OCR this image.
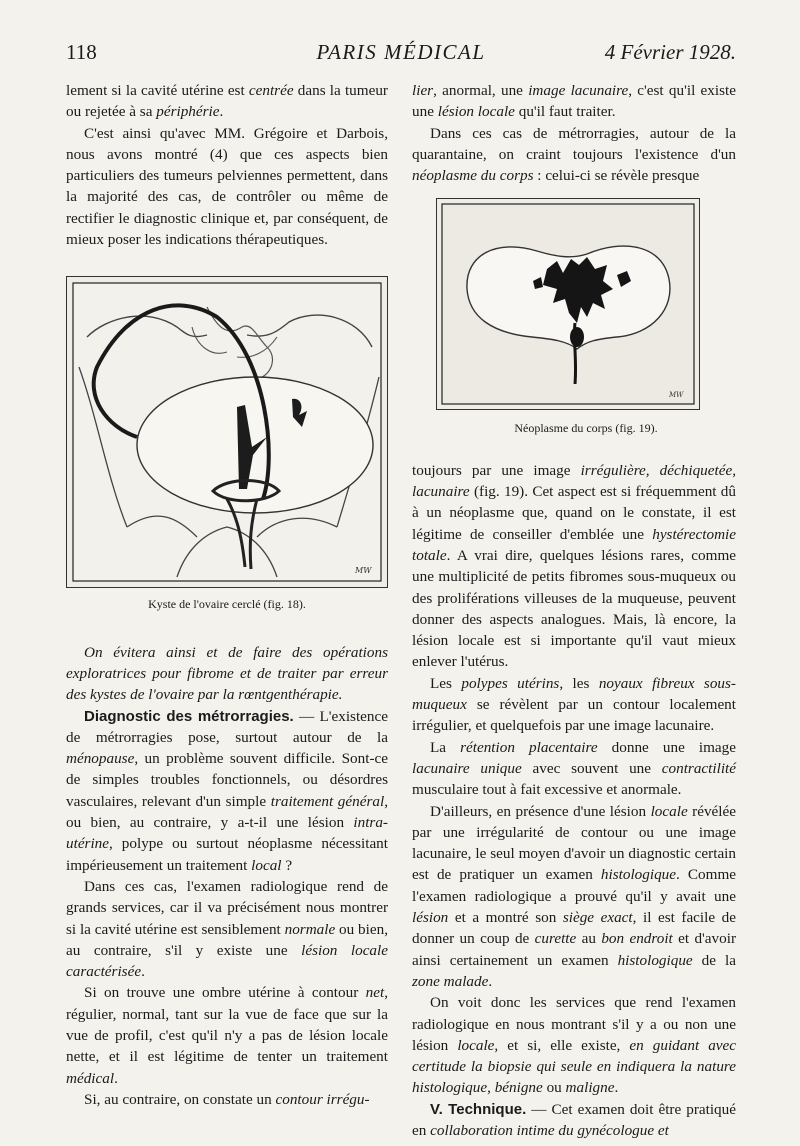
118	PARIS MÉDICAL	4 Février 1928.

lement si la cavité utérine est centrée dans la tumeur ou rejetée à sa périphérie.

C'est ainsi qu'avec MM. Grégoire et Darbois, nous avons montré (4) que ces aspects bien particuliers des tumeurs pelviennes permettent, dans la majorité des cas, de contrôler ou même de rectifier le diagnostic clinique et, par conséquent, de mieux poser les indications thérapeutiques.

MW
Kyste de l'ovaire cerclé (fig. 18).

On évitera ainsi et de faire des opérations exploratrices pour fibrome et de traiter par erreur des kystes de l'ovaire par la rœntgenthérapie.

Diagnostic des métrorragies. — L'existence de métrorragies pose, surtout autour de la ménopause, un problème souvent difficile. Sont-ce de simples troubles fonctionnels, ou désordres vasculaires, relevant d'un simple traitement général, ou bien, au contraire, y a-t-il une lésion intra- utérine, polype ou surtout néoplasme nécessitant impérieusement un traitement local ?

Dans ces cas, l'examen radiologique rend de grands services, car il va précisément nous montrer si la cavité utérine est sensiblement normale ou bien, au contraire, s'il y existe une lésion locale caractérisée.

Si on trouve une ombre utérine à contour net, régulier, normal, tant sur la vue de face que sur la vue de profil, c'est qu'il n'y a pas de lésion locale nette, et il est légitime de tenter un traitement médical.

Si, au contraire, on constate un contour irrégu-

lier, anormal, une image lacunaire, c'est qu'il existe une lésion locale qu'il faut traiter.

Dans ces cas de métrorragies, autour de la quarantaine, on craint toujours l'existence d'un néoplasme du corps : celui-ci se révèle presque

MW
Néoplasme du corps (fig. 19).

toujours par une image irrégulière, déchiquetée, lacunaire (fig. 19). Cet aspect est si fréquemment dû à un néoplasme que, quand on le constate, il est légitime de conseiller d'emblée une hystérectomie totale. A vrai dire, quelques lésions rares, comme une multiplicité de petits fibromes sous-muqueux ou des proliférations villeuses de la muqueuse, peuvent donner des aspects analogues. Mais, là encore, la lésion locale est si importante qu'il vaut mieux enlever l'utérus.

Les polypes utérins, les noyaux fibreux sous-muqueux se révèlent par un contour localement irrégulier, et quelquefois par une image lacunaire.

La rétention placentaire donne une image lacunaire unique avec souvent une contractilité musculaire tout à fait excessive et anormale.

D'ailleurs, en présence d'une lésion locale révélée par une irrégularité de contour ou une image lacunaire, le seul moyen d'avoir un diagnostic certain est de pratiquer un examen histologique. Comme l'examen radiologique a prouvé qu'il y avait une lésion et a montré son siège exact, il est facile de donner un coup de curette au bon endroit et d'avoir ainsi certainement un examen histologique de la zone malade.

On voit donc les services que rend l'examen radiologique en nous montrant s'il y a ou non une lésion locale, et si, elle existe, en guidant avec certitude la biopsie qui seule en indiquera la nature histologique, bénigne ou maligne.

V. Technique. — Cet examen doit être pratiqué en collaboration intime du gynécologue et
